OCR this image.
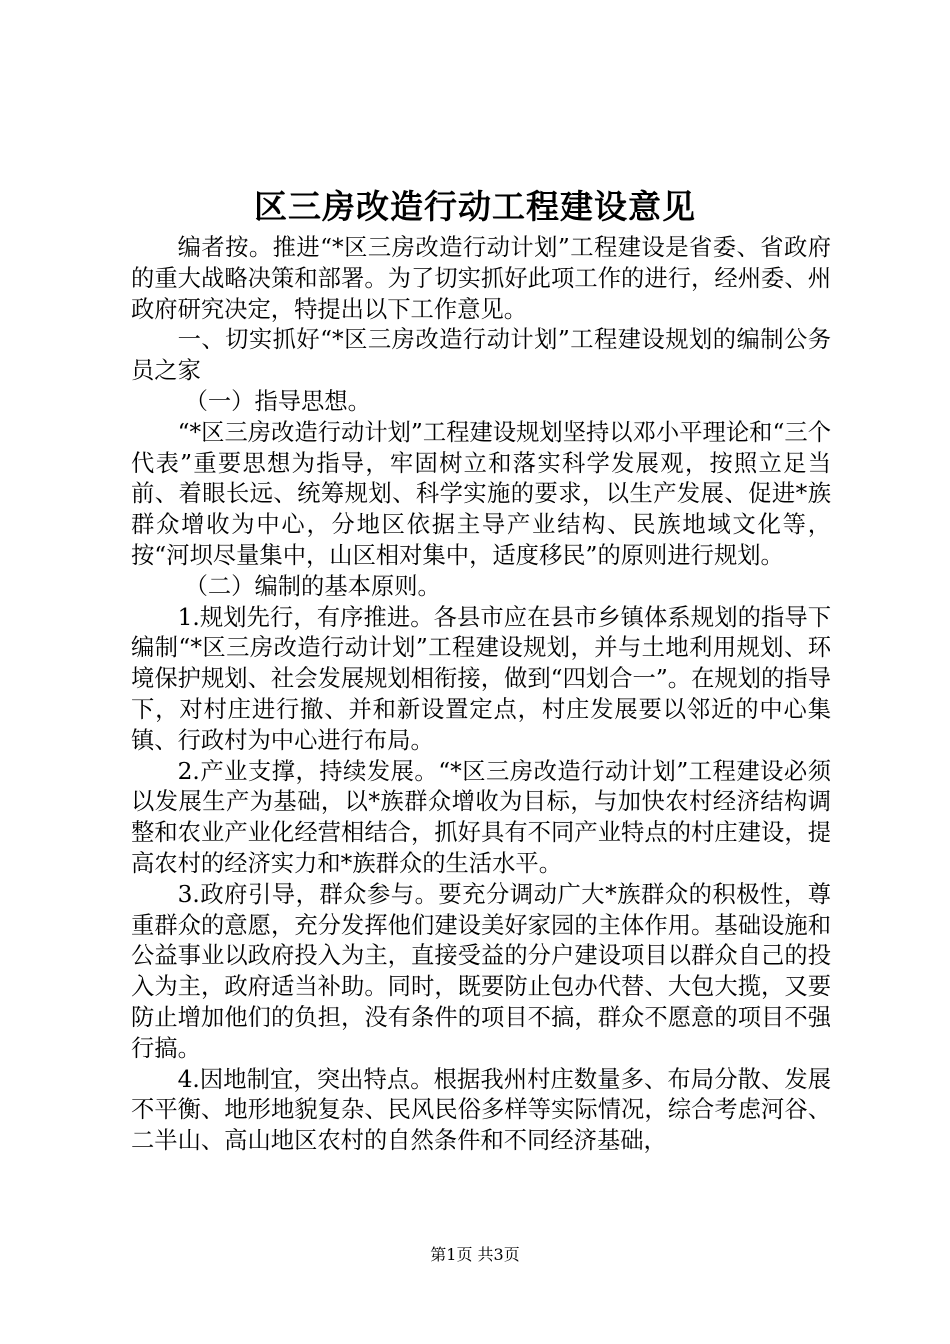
区三房改造行动工程建设意见

编者按。推进“*区三房改造行动计划”工程建设是省委、省政府的重大战略决策和部署。为了切实抓好此项工作的进行，经州委、州政府研究决定，特提出以下工作意见。

一、切实抓好“*区三房改造行动计划”工程建设规划的编制公务员之家

（一）指导思想。

“*区三房改造行动计划”工程建设规划坚持以邓小平理论和“三个代表”重要思想为指导，牢固树立和落实科学发展观，按照立足当前、着眼长远、统筹规划、科学实施的要求，以生产发展、促进*族群众增收为中心，分地区依据主导产业结构、民族地域文化等，按“河坝尽量集中，山区相对集中，适度移民”的原则进行规划。

（二）编制的基本原则。

1.规划先行，有序推进。各县市应在县市乡镇体系规划的指导下编制“*区三房改造行动计划”工程建设规划，并与土地利用规划、环境保护规划、社会发展规划相衔接，做到“四划合一”。在规划的指导下，对村庄进行撤、并和新设置定点，村庄发展要以邻近的中心集镇、行政村为中心进行布局。

2.产业支撑，持续发展。“*区三房改造行动计划”工程建设必须以发展生产为基础，以*族群众增收为目标，与加快农村经济结构调整和农业产业化经营相结合，抓好具有不同产业特点的村庄建设，提高农村的经济实力和*族群众的生活水平。

3.政府引导，群众参与。要充分调动广大*族群众的积极性，尊重群众的意愿，充分发挥他们建设美好家园的主体作用。基础设施和公益事业以政府投入为主，直接受益的分户建设项目以群众自己的投入为主，政府适当补助。同时，既要防止包办代替、大包大揽，又要防止增加他们的负担，没有条件的项目不搞，群众不愿意的项目不强行搞。

4.因地制宜，突出特点。根据我州村庄数量多、布局分散、发展不平衡、地形地貌复杂、民风民俗多样等实际情况，综合考虑河谷、二半山、高山地区农村的自然条件和不同经济基础，

第1页 共3页
